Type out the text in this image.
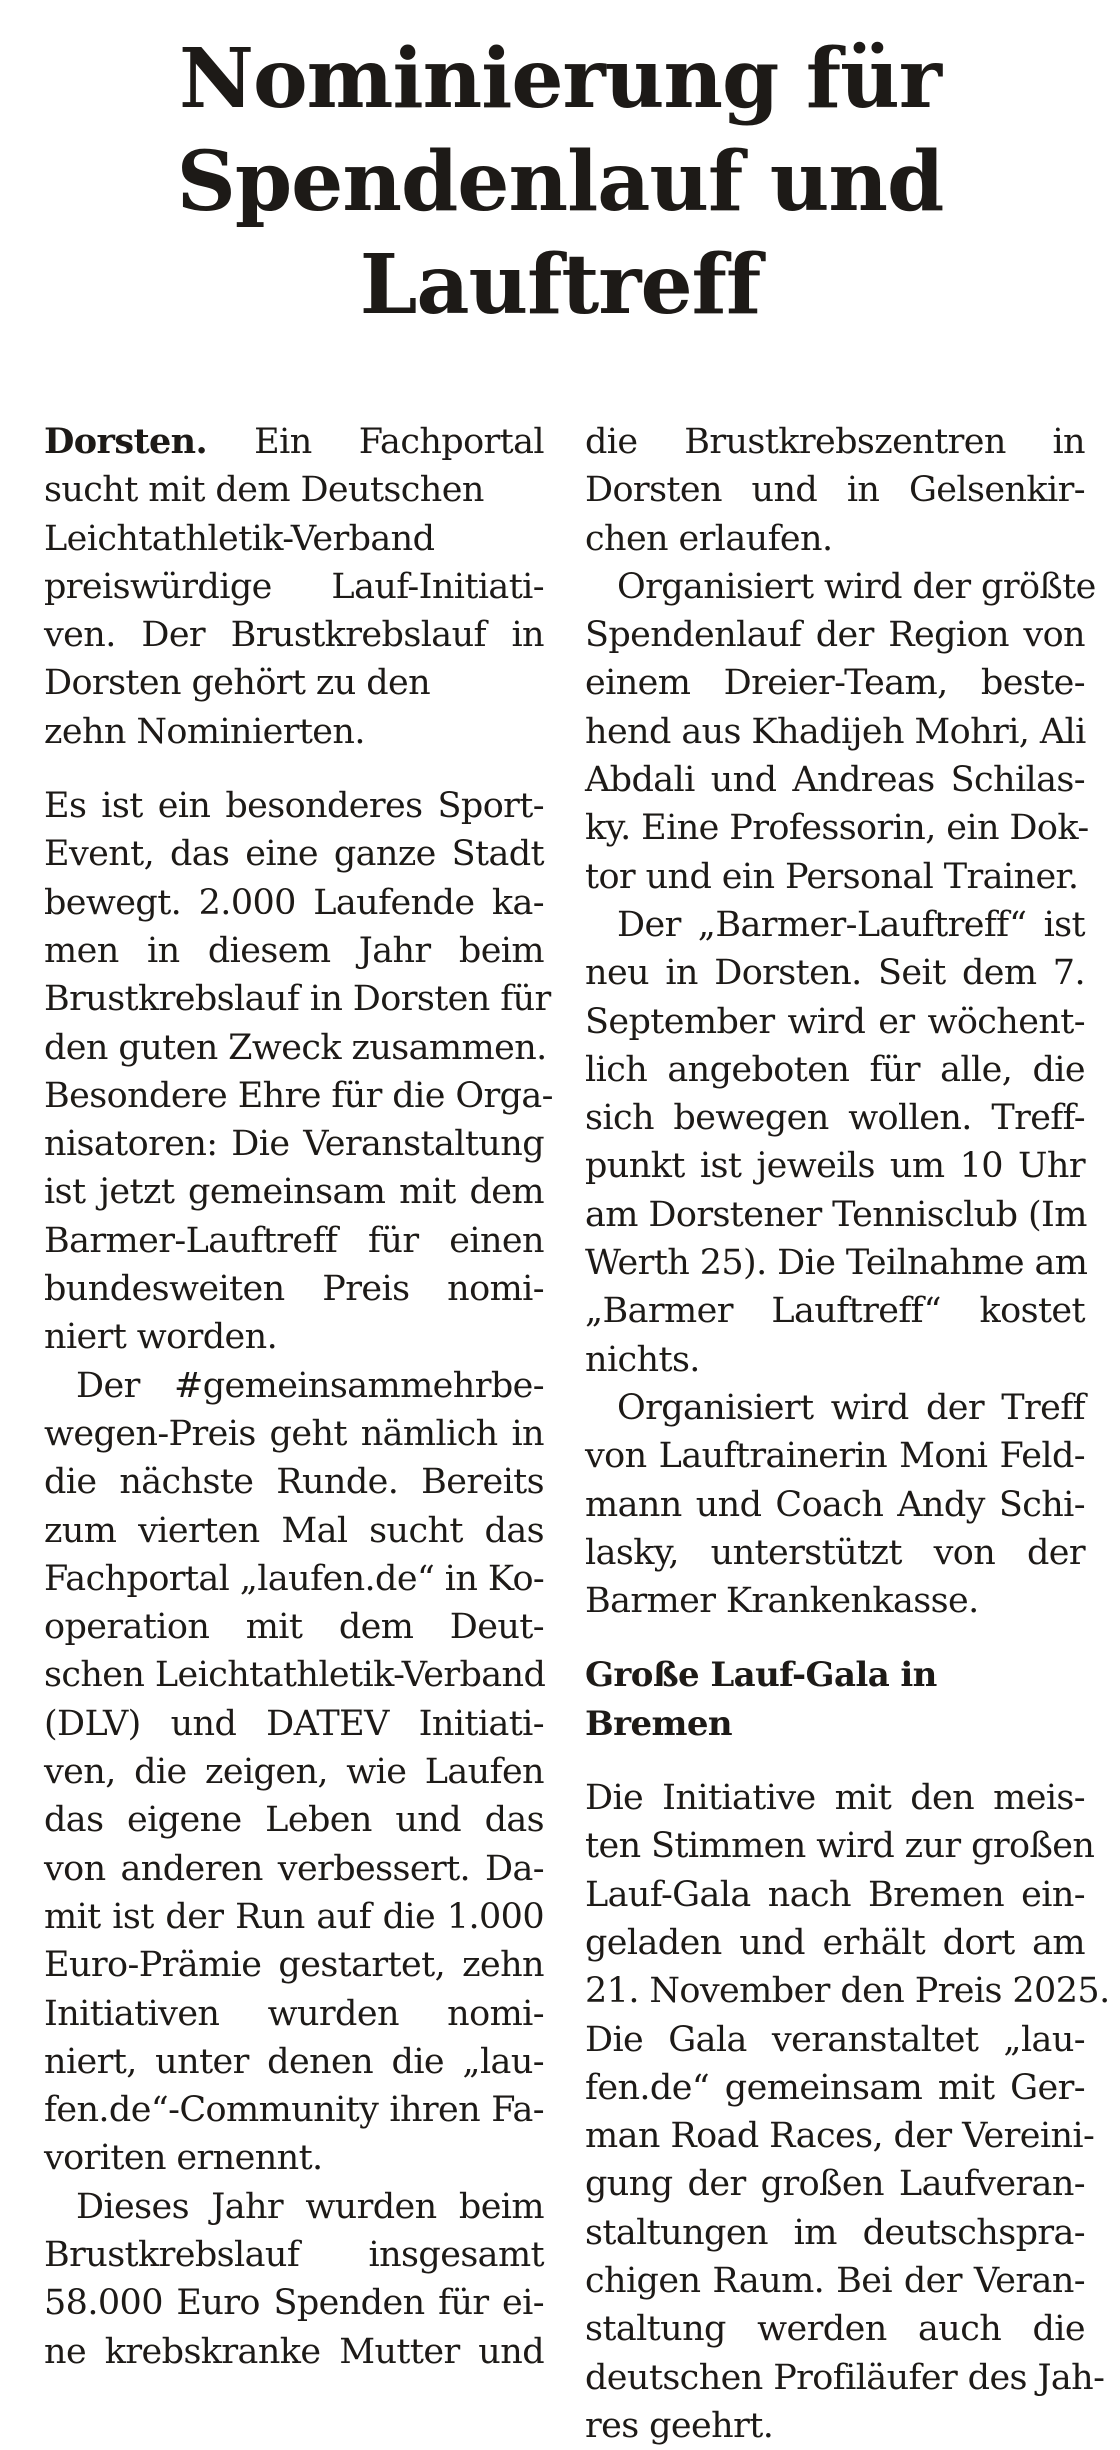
Nominierung für
Spendenlauf und
Lauftreff

Dorsten. Ein Fachportal
sucht mit dem Deutschen
Leichtathletik-Verband
preiswürdige Lauf-Initiati-
ven. Der Brustkrebslauf in
Dorsten gehört zu den
zehn Nominierten.

Es ist ein besonderes Sport-
Event, das eine ganze Stadt
bewegt. 2.000 Laufende ka-
men in diesem Jahr beim
Brustkrebslauf in Dorsten für
den guten Zweck zusammen.
Besondere Ehre für die Orga-
nisatoren: Die Veranstaltung
ist jetzt gemeinsam mit dem
Barmer-Lauftreff für einen
bundesweiten Preis nomi-
niert worden.

Der #gemeinsammehrbe-
wegen-Preis geht nämlich in
die nächste Runde. Bereits
zum vierten Mal sucht das
Fachportal „laufen.de“ in Ko-
operation mit dem Deut-
schen Leichtathletik-Verband
(DLV) und DATEV Initiati-
ven, die zeigen, wie Laufen
das eigene Leben und das
von anderen verbessert. Da-
mit ist der Run auf die 1.000
Euro-Prämie gestartet, zehn
Initiativen wurden nomi-
niert, unter denen die „lau-
fen.de“-Community ihren Fa-
voriten ernennt.

Dieses Jahr wurden beim
Brustkrebslauf insgesamt
58.000 Euro Spenden für ei-
ne krebskranke Mutter und

die Brustkrebszentren in
Dorsten und in Gelsenkir-
chen erlaufen.

Organisiert wird der größte
Spendenlauf der Region von
einem Dreier-Team, beste-
hend aus Khadijeh Mohri, Ali
Abdali und Andreas Schilas-
ky. Eine Professorin, ein Dok-
tor und ein Personal Trainer.

Der „Barmer-Lauftreff“ ist
neu in Dorsten. Seit dem 7.
September wird er wöchent-
lich angeboten für alle, die
sich bewegen wollen. Treff-
punkt ist jeweils um 10 Uhr
am Dorstener Tennisclub (Im
Werth 25). Die Teilnahme am
„Barmer Lauftreff“ kostet
nichts.

Organisiert wird der Treff
von Lauftrainerin Moni Feld-
mann und Coach Andy Schi-
lasky, unterstützt von der
Barmer Krankenkasse.

Große Lauf-Gala in Bremen

Die Initiative mit den meis-
ten Stimmen wird zur großen
Lauf-Gala nach Bremen ein-
geladen und erhält dort am
21. November den Preis 2025.
Die Gala veranstaltet „lau-
fen.de“ gemeinsam mit Ger-
man Road Races, der Vereini-
gung der großen Laufveran-
staltungen im deutschspra-
chigen Raum. Bei der Veran-
staltung werden auch die
deutschen Profiläufer des Jah-
res geehrt.
